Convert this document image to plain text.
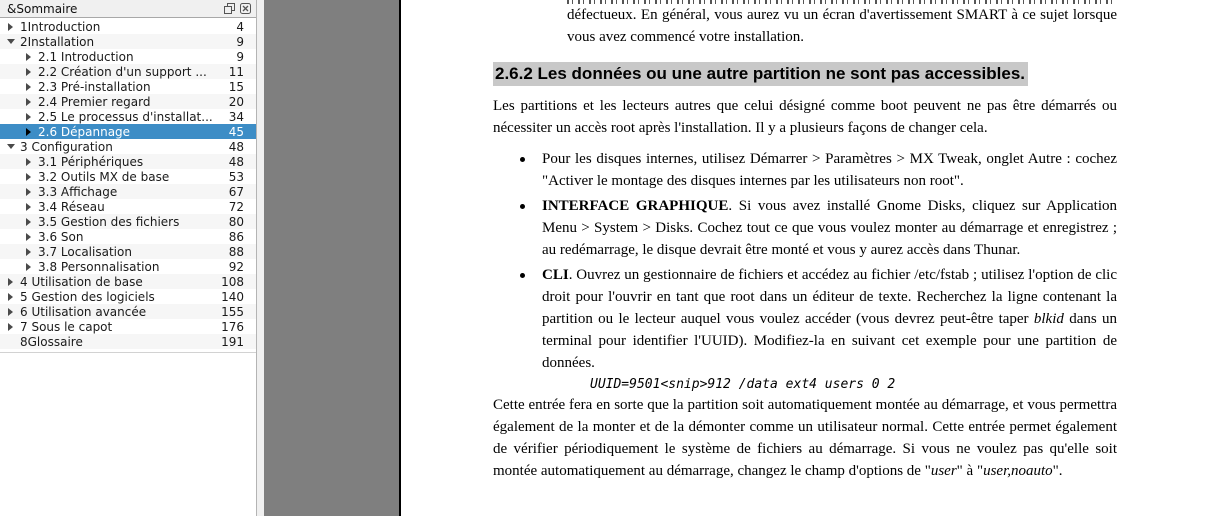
&Sommaire
1Introduction	4
2Installation	9
2.1 Introduction	9
2.2 Création d'un support ...	11
2.3 Pré-installation	15
2.4 Premier regard	20
2.5 Le processus d'installat...	34
2.6 Dépannage	45
3 Configuration	48
3.1 Périphériques	48
3.2 Outils MX de base	53
3.3 Affichage	67
3.4 Réseau	72
3.5 Gestion des fichiers	80
3.6 Son	86
3.7 Localisation	88
3.8 Personnalisation	92
4 Utilisation de base	108
5 Gestion des logiciels	140
6 Utilisation avancée	155
7 Sous le capot	176
8Glossaire	191

défectueux. En général, vous aurez vu un écran d'avertissement SMART à ce sujet lorsque vous avez commencé votre installation.

2.6.2 Les données ou une autre partition ne sont pas accessibles.

Les partitions et les lecteurs autres que celui désigné comme boot peuvent ne pas être démarrés ou nécessiter un accès root après l'installation. Il y a plusieurs façons de changer cela.

Pour les disques internes, utilisez Démarrer > Paramètres > MX Tweak, onglet Autre : cochez "Activer le montage des disques internes par les utilisateurs non root".
INTERFACE GRAPHIQUE. Si vous avez installé Gnome Disks, cliquez sur Application Menu > System > Disks. Cochez tout ce que vous voulez monter au démarrage et enregistrez ; au redémarrage, le disque devrait être monté et vous y aurez accès dans Thunar.
CLI. Ouvrez un gestionnaire de fichiers et accédez au fichier /etc/fstab ; utilisez l'option de clic droit pour l'ouvrir en tant que root dans un éditeur de texte. Recherchez la ligne contenant la partition ou le lecteur auquel vous voulez accéder (vous devrez peut-être taper blkid dans un terminal pour identifier l'UUID). Modifiez-la en suivant cet exemple pour une partition de données.
UUID=9501<snip>912 /data ext4 users 0 2

Cette entrée fera en sorte que la partition soit automatiquement montée au démarrage, et vous permettra également de la monter et de la démonter comme un utilisateur normal. Cette entrée permet également de vérifier périodiquement le système de fichiers au démarrage. Si vous ne voulez pas qu'elle soit montée automatiquement au démarrage, changez le champ d'options de "user" à "user,noauto".
